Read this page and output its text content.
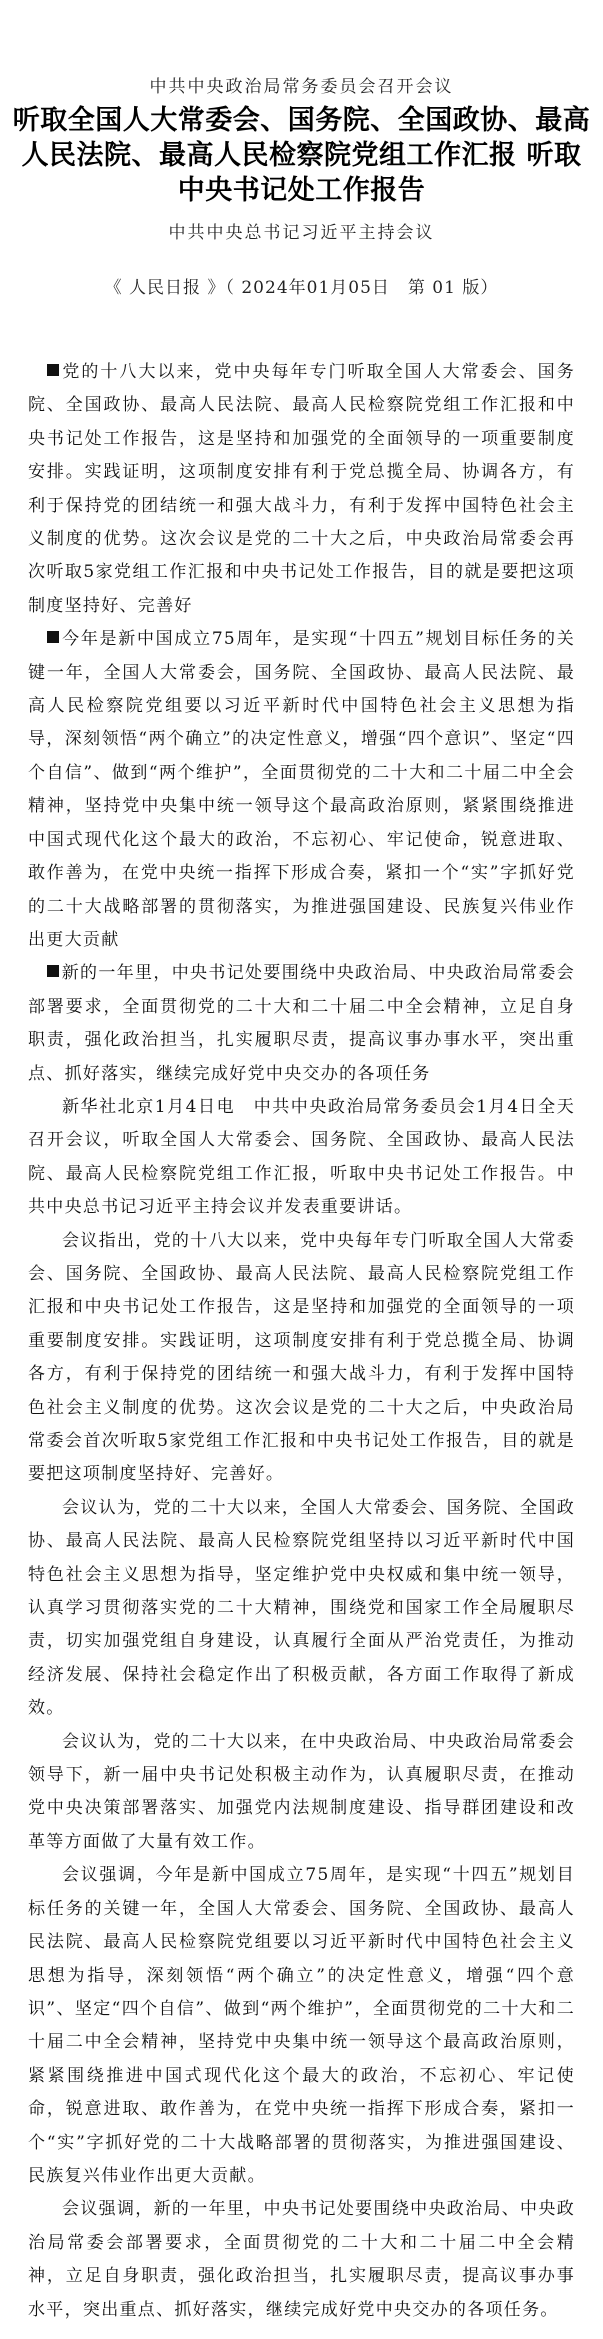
中共中央政治局常务委员会召开会议
听取全国人大常委会、国务院、全国政协、最高人民法院、最高人民检察院党组工作汇报 听取中央书记处工作报告
中共中央总书记习近平主持会议
《 人民日报 》（ 2024年01月05日　第 01 版）

党的十八大以来，党中央每年专门听取全国人大常委会、国务院、全国政协、最高人民法院、最高人民检察院党组工作汇报和中央书记处工作报告，这是坚持和加强党的全面领导的一项重要制度安排。实践证明，这项制度安排有利于党总揽全局、协调各方，有利于保持党的团结统一和强大战斗力，有利于发挥中国特色社会主义制度的优势。这次会议是党的二十大之后，中央政治局常委会再次听取5家党组工作汇报和中央书记处工作报告，目的就是要把这项制度坚持好、完善好

今年是新中国成立75周年，是实现“十四五”规划目标任务的关键一年，全国人大常委会，国务院、全国政协、最高人民法院、最高人民检察院党组要以习近平新时代中国特色社会主义思想为指导，深刻领悟“两个确立”的决定性意义，增强“四个意识”、坚定“四个自信”、做到“两个维护”，全面贯彻党的二十大和二十届二中全会精神，坚持党中央集中统一领导这个最高政治原则，紧紧围绕推进中国式现代化这个最大的政治，不忘初心、牢记使命，锐意进取、敢作善为，在党中央统一指挥下形成合奏，紧扣一个“实”字抓好党的二十大战略部署的贯彻落实，为推进强国建设、民族复兴伟业作出更大贡献

新的一年里，中央书记处要围绕中央政治局、中央政治局常委会部署要求，全面贯彻党的二十大和二十届二中全会精神，立足自身职责，强化政治担当，扎实履职尽责，提高议事办事水平，突出重点、抓好落实，继续完成好党中央交办的各项任务

新华社北京1月4日电　中共中央政治局常务委员会1月4日全天召开会议，听取全国人大常委会、国务院、全国政协、最高人民法院、最高人民检察院党组工作汇报，听取中央书记处工作报告。中共中央总书记习近平主持会议并发表重要讲话。

会议指出，党的十八大以来，党中央每年专门听取全国人大常委会、国务院、全国政协、最高人民法院、最高人民检察院党组工作汇报和中央书记处工作报告，这是坚持和加强党的全面领导的一项重要制度安排。实践证明，这项制度安排有利于党总揽全局、协调各方，有利于保持党的团结统一和强大战斗力，有利于发挥中国特色社会主义制度的优势。这次会议是党的二十大之后，中央政治局常委会首次听取5家党组工作汇报和中央书记处工作报告，目的就是要把这项制度坚持好、完善好。

会议认为，党的二十大以来，全国人大常委会、国务院、全国政协、最高人民法院、最高人民检察院党组坚持以习近平新时代中国特色社会主义思想为指导，坚定维护党中央权威和集中统一领导，认真学习贯彻落实党的二十大精神，围绕党和国家工作全局履职尽责，切实加强党组自身建设，认真履行全面从严治党责任，为推动经济发展、保持社会稳定作出了积极贡献，各方面工作取得了新成效。

会议认为，党的二十大以来，在中央政治局、中央政治局常委会领导下，新一届中央书记处积极主动作为，认真履职尽责，在推动党中央决策部署落实、加强党内法规制度建设、指导群团建设和改革等方面做了大量有效工作。

会议强调，今年是新中国成立75周年，是实现“十四五”规划目标任务的关键一年，全国人大常委会、国务院、全国政协、最高人民法院、最高人民检察院党组要以习近平新时代中国特色社会主义思想为指导，深刻领悟“两个确立”的决定性意义，增强“四个意识”、坚定“四个自信”、做到“两个维护”，全面贯彻党的二十大和二十届二中全会精神，坚持党中央集中统一领导这个最高政治原则，紧紧围绕推进中国式现代化这个最大的政治，不忘初心、牢记使命，锐意进取、敢作善为，在党中央统一指挥下形成合奏，紧扣一个“实”字抓好党的二十大战略部署的贯彻落实，为推进强国建设、民族复兴伟业作出更大贡献。

会议强调，新的一年里，中央书记处要围绕中央政治局、中央政治局常委会部署要求，全面贯彻党的二十大和二十届二中全会精神，立足自身职责，强化政治担当，扎实履职尽责，提高议事办事水平，突出重点、抓好落实，继续完成好党中央交办的各项任务。
